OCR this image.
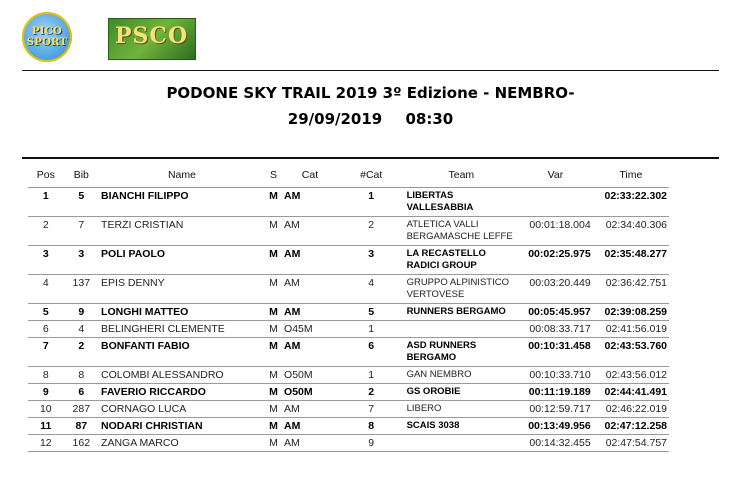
PICO
SPORT PSCO
PODONE SKY TRAIL 2019 3º Edizione - NEMBRO-
29/09/2019 08:30
Pos	Bib	Name	S	Cat	#Cat	Team	Var	Time
1	5	BIANCHI FILIPPO	M	AM	1	LIBERTAS VALLESABBIA		02:33:22.302
2	7	TERZI CRISTIAN	M	AM	2	ATLETICA VALLI BERGAMASCHE LEFFE	00:01:18.004	02:34:40.306
3	3	POLI PAOLO	M	AM	3	LA RECASTELLO RADICI GROUP	00:02:25.975	02:35:48.277
4	137	EPIS DENNY	M	AM	4	GRUPPO ALPINISTICO VERTOVESE	00:03:20.449	02:36:42.751
5	9	LONGHI MATTEO	M	AM	5	RUNNERS BERGAMO	00:05:45.957	02:39:08.259
6	4	BELINGHERI CLEMENTE	M	O45M	1		00:08:33.717	02:41:56.019
7	2	BONFANTI FABIO	M	AM	6	ASD RUNNERS BERGAMO	00:10:31.458	02:43:53.760
8	8	COLOMBI ALESSANDRO	M	O50M	1	GAN NEMBRO	00:10:33.710	02:43:56.012
9	6	FAVERIO RICCARDO	M	O50M	2	GS OROBIE	00:11:19.189	02:44:41.491
10	287	CORNAGO LUCA	M	AM	7	LIBERO	00:12:59.717	02:46:22.019
11	87	NODARI CHRISTIAN	M	AM	8	SCAIS 3038	00:13:49.956	02:47:12.258
12	162	ZANGA MARCO	M	AM	9		00:14:32.455	02:47:54.757
